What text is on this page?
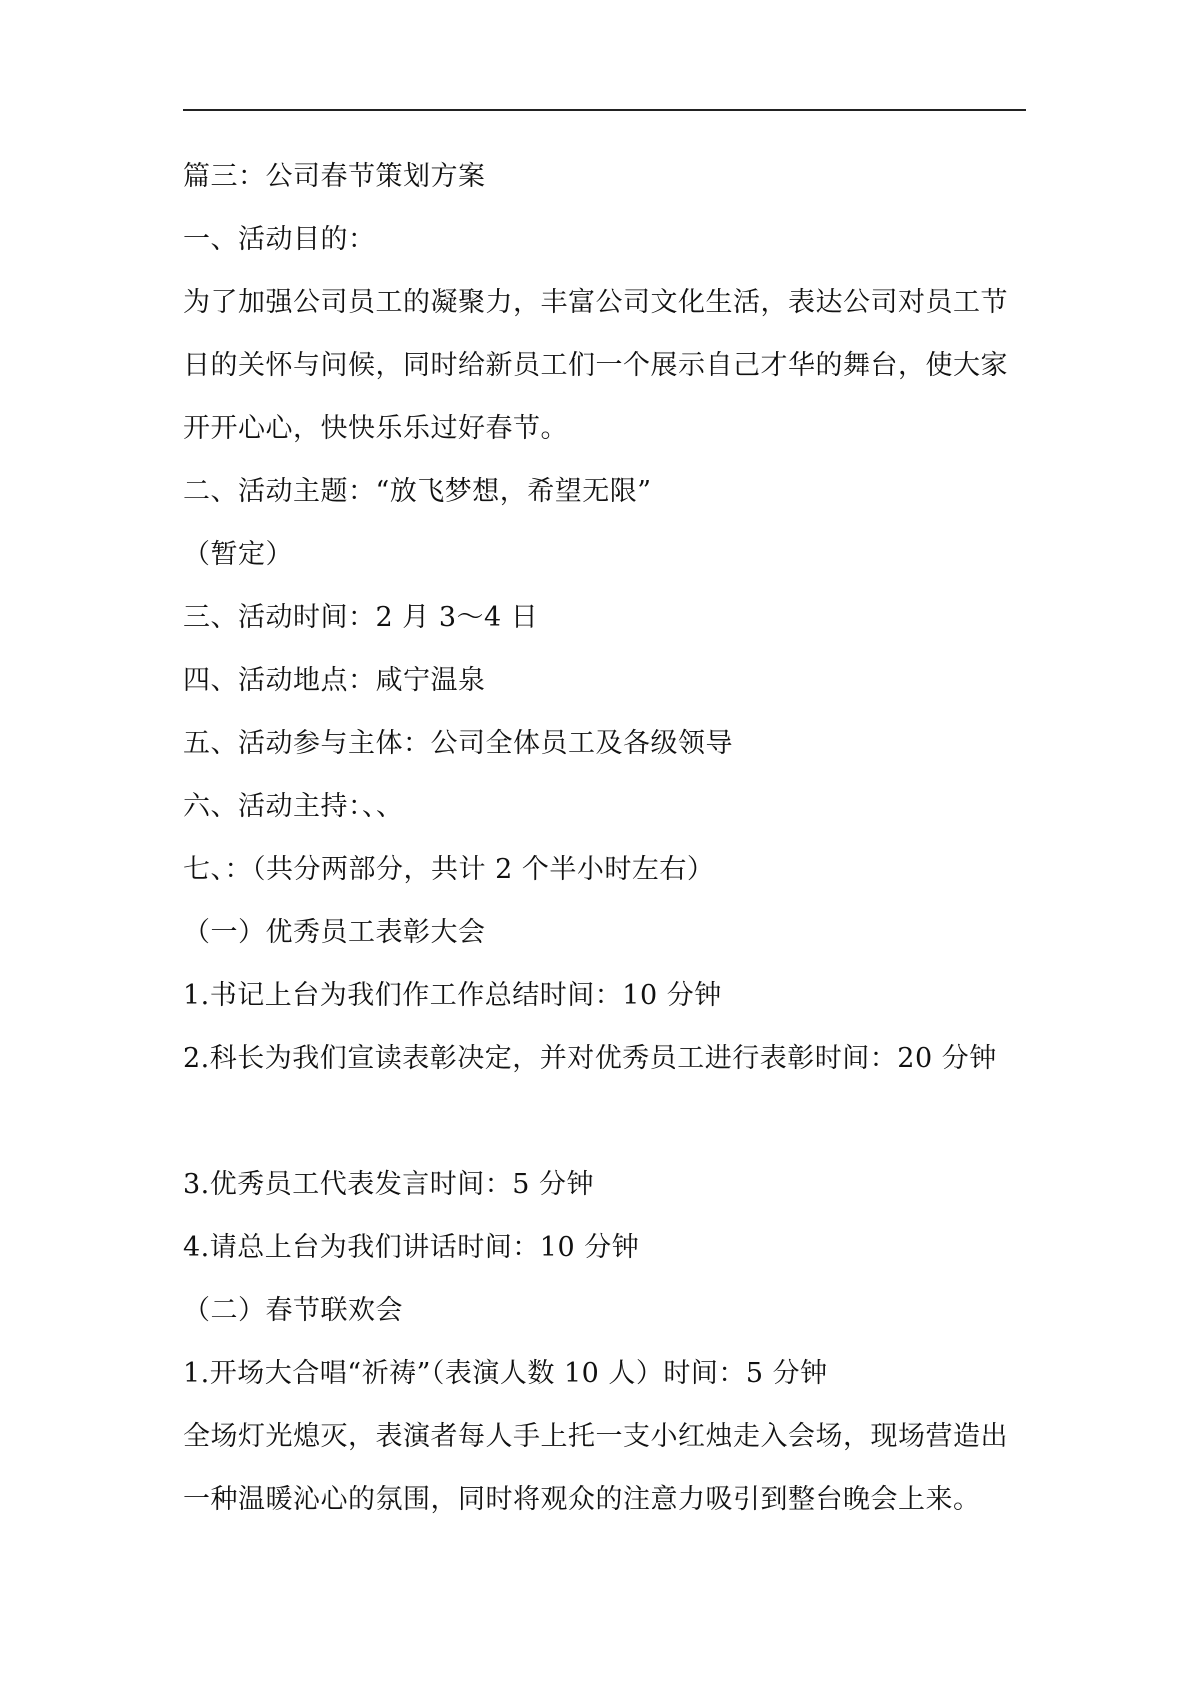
篇三：公司春节策划方案
一、活动目的：
为了加强公司员工的凝聚力，丰富公司文化生活，表达公司对员工节
日的关怀与问候，同时给新员工们一个展示自己才华的舞台，使大家
开开心心，快快乐乐过好春节。
二、活动主题：“放飞梦想，希望无限”
（暂定）
三、活动时间：2 月 3～4 日
四、活动地点：咸宁温泉
五、活动参与主体：公司全体员工及各级领导
六、活动主持：、、
七、：（共分两部分，共计 2 个半小时左右）
（一）优秀员工表彰大会
1.书记上台为我们作工作总结时间：10 分钟
2.科长为我们宣读表彰决定，并对优秀员工进行表彰时间：20 分钟
3.优秀员工代表发言时间：5 分钟
4.请总上台为我们讲话时间：10 分钟
（二）春节联欢会
1.开场大合唱“祈祷”（表演人数 10 人）时间：5 分钟
全场灯光熄灭，表演者每人手上托一支小红烛走入会场，现场营造出
一种温暖沁心的氛围，同时将观众的注意力吸引到整台晚会上来。
